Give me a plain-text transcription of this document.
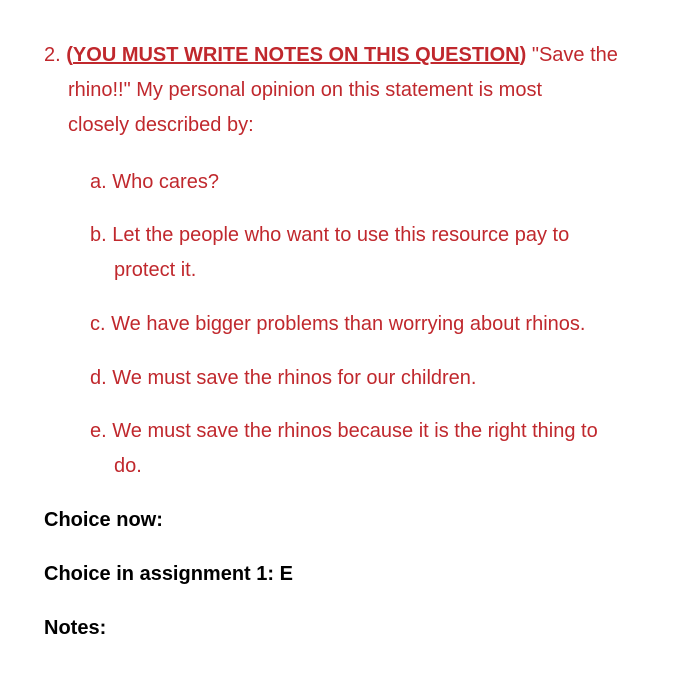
2. (YOU MUST WRITE NOTES ON THIS QUESTION) "Save the
rhino!!" My personal opinion on this statement is most
closely described by:
a. Who cares?
b. Let the people who want to use this resource pay to
protect it.
c. We have bigger problems than worrying about rhinos.
d. We must save the rhinos for our children.
e. We must save the rhinos because it is the right thing to
do.
Choice now:
Choice in assignment 1: E
Notes:
